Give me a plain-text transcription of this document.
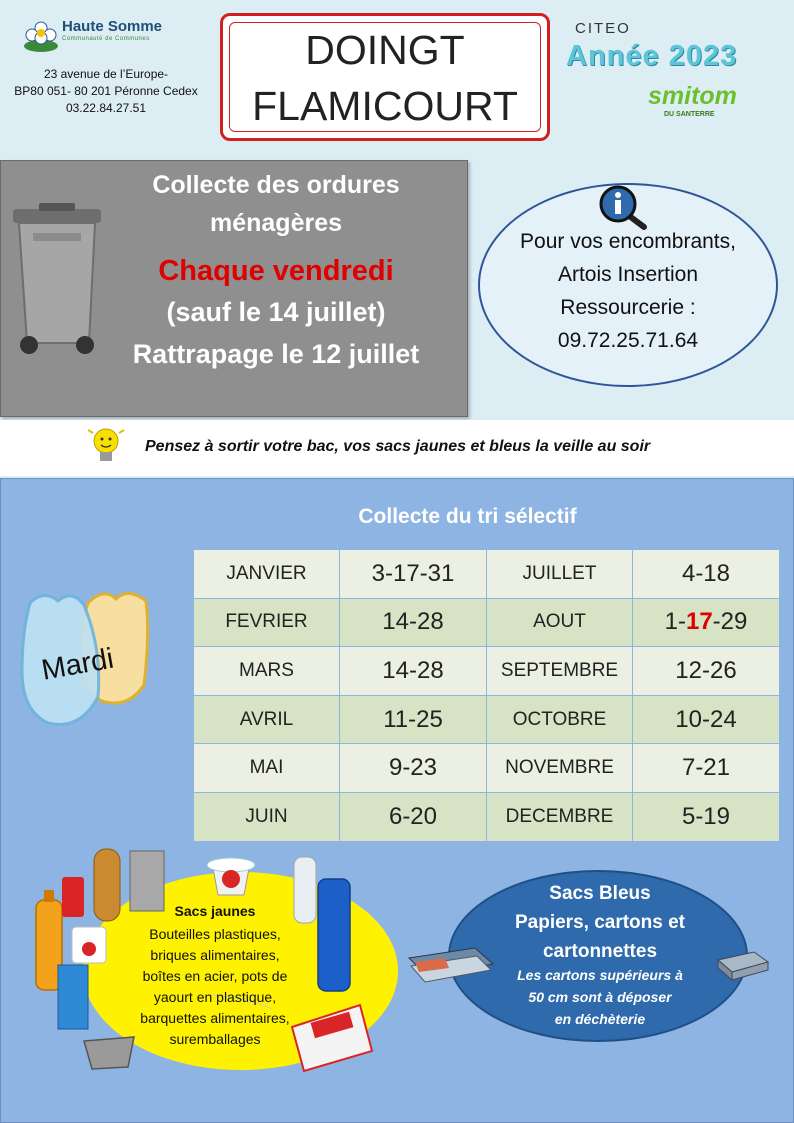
Haute Somme
Communauté de Communes
23 avenue de l’Europe-
BP80 051- 80 201 Péronne Cedex
03.22.84.27.51
DOINGT
FLAMICOURT
CITEO
Année 2023
smitom
DU SANTERRE
Collecte des ordures
ménagères
Chaque vendredi
(sauf le 14 juillet)
Rattrapage le 12 juillet
Pour vos encombrants,
Artois Insertion
Ressourcerie :
09.72.25.71.64
Pensez à sortir votre bac, vos sacs jaunes et bleus la veille au soir
Collecte du tri sélectif
Mardi
JANVIER	3-17-31	JUILLET	4-18
FEVRIER	14-28	AOUT	1-17-29
MARS	14-28	SEPTEMBRE	12-26
AVRIL	11-25	OCTOBRE	10-24
MAI	9-23	NOVEMBRE	7-21
JUIN	6-20	DECEMBRE	5-19
Sacs jaunes
Bouteilles plastiques,
briques alimentaires,
boîtes en acier, pots de
yaourt en plastique,
barquettes alimentaires,
suremballages
Sacs Bleus
Papiers, cartons et
cartonnettes
Les cartons supérieurs à
50 cm sont à déposer
en déchèterie
